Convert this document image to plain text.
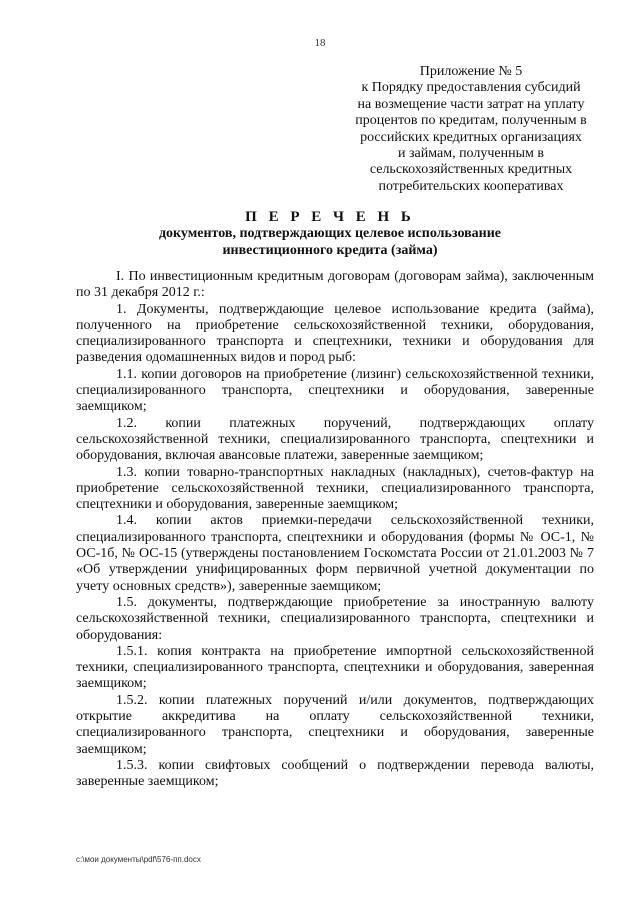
18
Приложение № 5
к Порядку предоставления субсидий
на возмещение части затрат на уплату
процентов по кредитам, полученным в
российских кредитных организациях
и займам, полученным в
сельскохозяйственных кредитных
потребительских кооперативах
П Е Р Е Ч Е Н Ь
документов, подтверждающих целевое использование
инвестиционного кредита (займа)

I. По инвестиционным кредитным договорам (договорам займа), заключенным по 31 декабря 2012 г.:

1. Документы, подтверждающие целевое использование кредита (займа), полученного на приобретение сельскохозяйственной техники, оборудования, специализированного транспорта и спецтехники, техники и оборудования для разведения одомашненных видов и пород рыб:

1.1. копии договоров на приобретение (лизинг) сельскохозяйственной техники, специализированного транспорта, спецтехники и оборудования, заверенные заемщиком;

1.2. копии платежных поручений, подтверждающих оплату сельскохозяйственной техники, специализированного транспорта, спецтехники и оборудования, включая авансовые платежи, заверенные заемщиком;

1.3. копии товарно-транспортных накладных (накладных), счетов-фактур на приобретение сельскохозяйственной техники, специализированного транспорта, спецтехники и оборудования, заверенные заемщиком;

1.4. копии актов приемки-передачи сельскохозяйственной техники, специализированного транспорта, спецтехники и оборудования (формы № ОС-1, № ОС-1б, № ОС-15 (утверждены постановлением Госкомстата России от 21.01.2003 № 7 «Об утверждении унифицированных форм первичной учетной документации по учету основных средств»), заверенные заемщиком;

1.5. документы, подтверждающие приобретение за иностранную валюту сельскохозяйственной техники, специализированного транспорта, спецтехники и оборудования:

1.5.1. копия контракта на приобретение импортной сельскохозяйственной техники, специализированного транспорта, спецтехники и оборудования, заверенная заемщиком;

1.5.2. копии платежных поручений и/или документов, подтверждающих открытие аккредитива на оплату сельскохозяйственной техники, специализированного транспорта, спецтехники и оборудования, заверенные заемщиком;

1.5.3. копии свифтовых сообщений о подтверждении перевода валюты, заверенные заемщиком;

c:\мои документы\pdf\576-пп.docx
